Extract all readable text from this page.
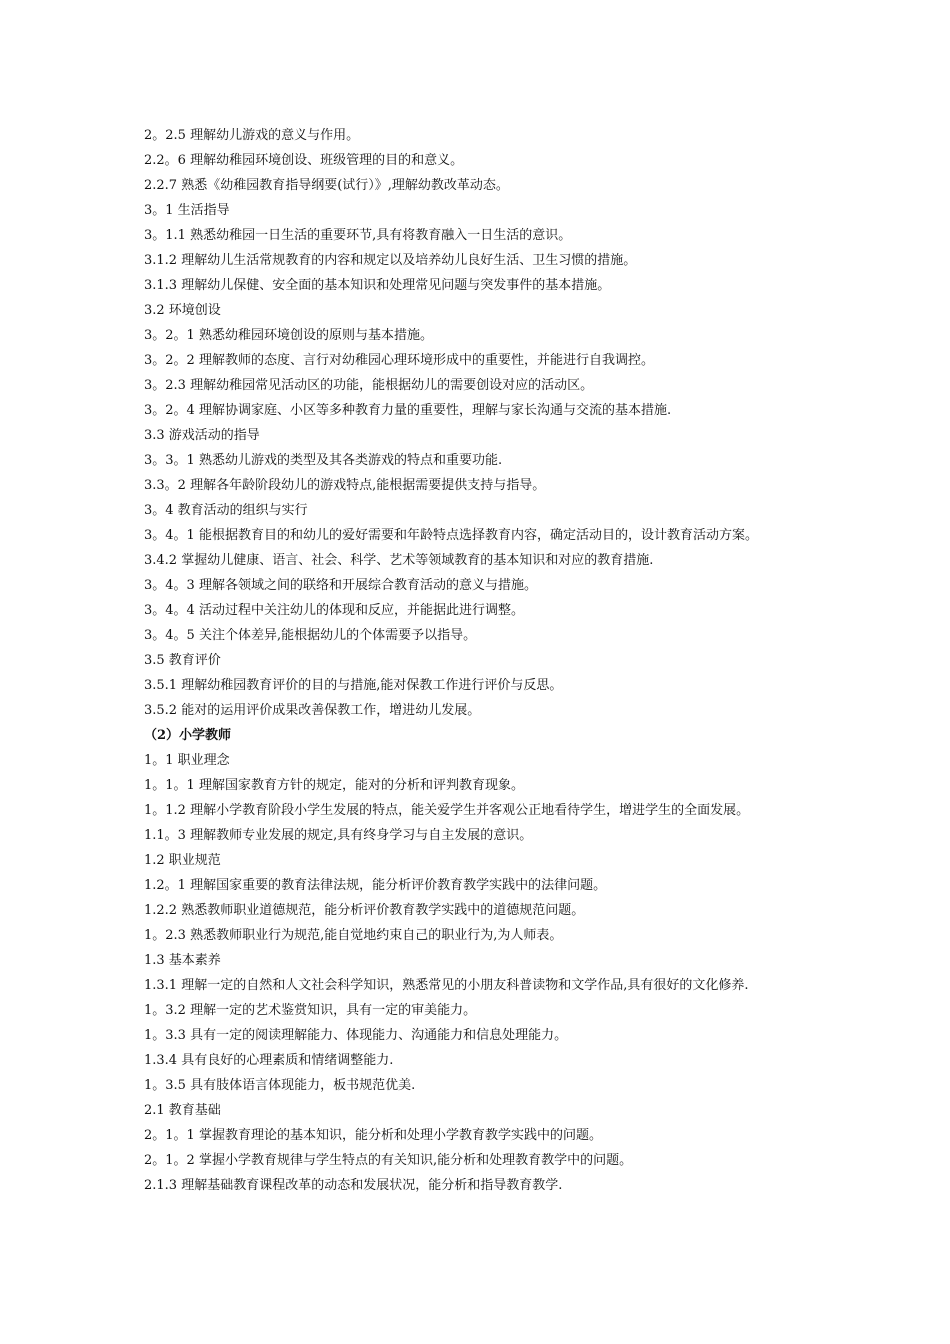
2。2.5 理解幼儿游戏的意义与作用。
2.2。6 理解幼稚园环境创设、班级管理的目的和意义。
2.2.7 熟悉《幼稚园教育指导纲要(试行）》,理解幼教改革动态。
3。1 生活指导
3。1.1 熟悉幼稚园一日生活的重要环节,具有将教育融入一日生活的意识。
3.1.2 理解幼儿生活常规教育的内容和规定以及培养幼儿良好生活、卫生习惯的措施。
3.1.3 理解幼儿保健、安全面的基本知识和处理常见问题与突发事件的基本措施。
3.2 环境创设
3。2。1 熟悉幼稚园环境创设的原则与基本措施。
3。2。2 理解教师的态度、言行对幼稚园心理环境形成中的重要性，并能进行自我调控。
3。2.3 理解幼稚园常见活动区的功能，能根据幼儿的需要创设对应的活动区。
3。2。4 理解协调家庭、小区等多种教育力量的重要性，理解与家长沟通与交流的基本措施.
3.3 游戏活动的指导
3。3。1 熟悉幼儿游戏的类型及其各类游戏的特点和重要功能.
3.3。2 理解各年龄阶段幼儿的游戏特点,能根据需要提供支持与指导。
3。4 教育活动的组织与实行
3。4。1 能根据教育目的和幼儿的爱好需要和年龄特点选择教育内容，确定活动目的，设计教育活动方案。
3.4.2 掌握幼儿健康、语言、社会、科学、艺术等领域教育的基本知识和对应的教育措施.
3。4。3 理解各领域之间的联络和开展综合教育活动的意义与措施。
3。4。4 活动过程中关注幼儿的体现和反应，并能据此进行调整。
3。4。5 关注个体差异,能根据幼儿的个体需要予以指导。
3.5 教育评价
3.5.1 理解幼稚园教育评价的目的与措施,能对保教工作进行评价与反思。
3.5.2 能对的运用评价成果改善保教工作，增进幼儿发展。
（2）小学教师
1。1 职业理念
1。1。1 理解国家教育方针的规定，能对的分析和评判教育现象。
1。1.2 理解小学教育阶段小学生发展的特点，能关爱学生并客观公正地看待学生，增进学生的全面发展。
1.1。3 理解教师专业发展的规定,具有终身学习与自主发展的意识。
1.2 职业规范
1.2。1 理解国家重要的教育法律法规，能分析评价教育教学实践中的法律问题。
1.2.2 熟悉教师职业道德规范，能分析评价教育教学实践中的道德规范问题。
1。2.3 熟悉教师职业行为规范,能自觉地约束自己的职业行为,为人师表。
1.3 基本素养
1.3.1 理解一定的自然和人文社会科学知识，熟悉常见的小朋友科普读物和文学作品,具有很好的文化修养.
1。3.2 理解一定的艺术鉴赏知识，具有一定的审美能力。
1。3.3 具有一定的阅读理解能力、体现能力、沟通能力和信息处理能力。
1.3.4 具有良好的心理素质和情绪调整能力.
1。3.5 具有肢体语言体现能力，板书规范优美.
2.1 教育基础
2。1。1 掌握教育理论的基本知识，能分析和处理小学教育教学实践中的问题。
2。1。2 掌握小学教育规律与学生特点的有关知识,能分析和处理教育教学中的问题。
2.1.3 理解基础教育课程改革的动态和发展状况，能分析和指导教育教学.
